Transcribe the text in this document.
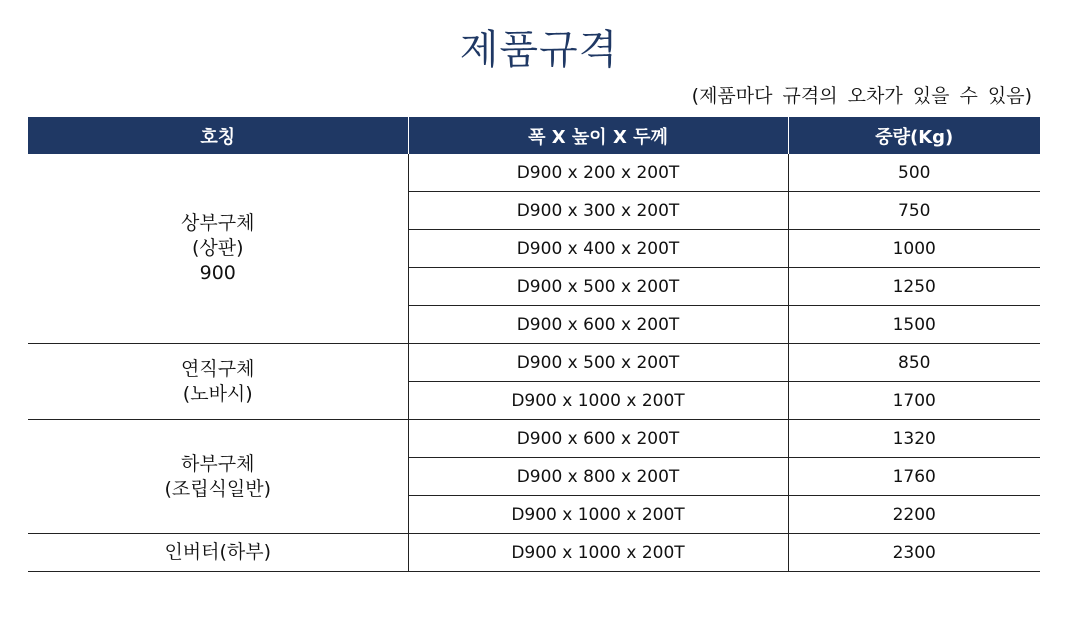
제품규격
(제품마다 규격의 오차가 있을 수 있음)
호칭	폭 X 높이 X 두께	중량(Kg)

상부구체
(상판)
900	D900 x 200 x 200T	500
	D900 x 300 x 200T	750
	D900 x 400 x 200T	1000
	D900 x 500 x 200T	1250
	D900 x 600 x 200T	1500

연직구체
(노바시)	D900 x 500 x 200T	850
	D900 x 1000 x 200T	1700

하부구체
(조립식일반)	D900 x 600 x 200T	1320
	D900 x 800 x 200T	1760
	D900 x 1000 x 200T	2200

인버터(하부)	D900 x 1000 x 200T	2300
